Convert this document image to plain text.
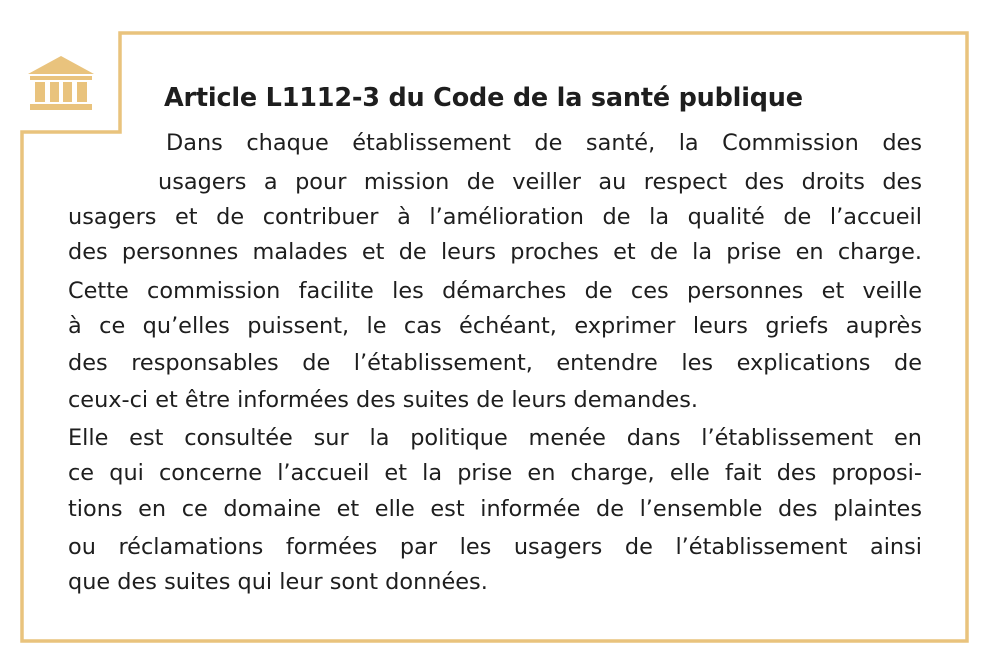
Article L1112-3 du Code de la santé publique

Dans chaque établissement de santé, la Commission des

usagers a pour mission de veiller au respect des droits des

usagers et de contribuer à l’amélioration de la qualité de l’accueil

des personnes malades et de leurs proches et de la prise en charge.

Cette commission facilite les démarches de ces personnes et veille

à ce qu’elles puissent, le cas échéant, exprimer leurs griefs auprès

des responsables de l’établissement, entendre les explications de

ceux-ci et être informées des suites de leurs demandes.

Elle est consultée sur la politique menée dans l’établissement en

ce qui concerne l’accueil et la prise en charge, elle fait des proposi-

tions en ce domaine et elle est informée de l’ensemble des plaintes

ou réclamations formées par les usagers de l’établissement ainsi

que des suites qui leur sont données.
